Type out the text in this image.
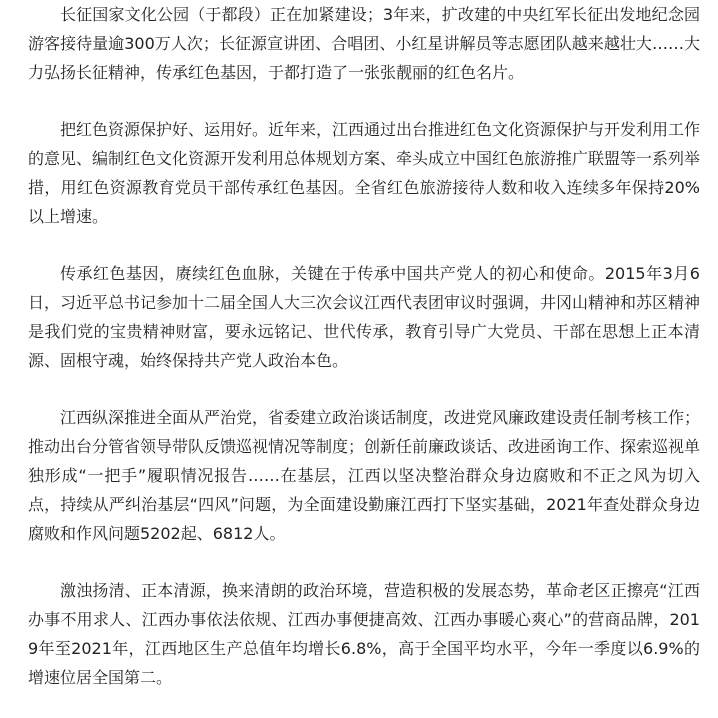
长征国家文化公园（于都段）正在加紧建设；3年来，扩改建的中央红军长征出发地纪念园游客接待量逾300万人次；长征源宣讲团、合唱团、小红星讲解员等志愿团队越来越壮大……大力弘扬长征精神，传承红色基因，于都打造了一张张靓丽的红色名片。

把红色资源保护好、运用好。近年来，江西通过出台推进红色文化资源保护与开发利用工作的意见、编制红色文化资源开发利用总体规划方案、牵头成立中国红色旅游推广联盟等一系列举措，用红色资源教育党员干部传承红色基因。全省红色旅游接待人数和收入连续多年保持20%以上增速。

传承红色基因，赓续红色血脉，关键在于传承中国共产党人的初心和使命。2015年3月6日，习近平总书记参加十二届全国人大三次会议江西代表团审议时强调，井冈山精神和苏区精神是我们党的宝贵精神财富，要永远铭记、世代传承，教育引导广大党员、干部在思想上正本清源、固根守魂，始终保持共产党人政治本色。

江西纵深推进全面从严治党，省委建立政治谈话制度，改进党风廉政建设责任制考核工作；推动出台分管省领导带队反馈巡视情况等制度；创新任前廉政谈话、改进函询工作、探索巡视单独形成“一把手”履职情况报告……在基层，江西以坚决整治群众身边腐败和不正之风为切入点，持续从严纠治基层“四风”问题，为全面建设勤廉江西打下坚实基础，2021年查处群众身边腐败和作风问题5202起、6812人。

激浊扬清、正本清源，换来清朗的政治环境，营造积极的发展态势，革命老区正擦亮“江西办事不用求人、江西办事依法依规、江西办事便捷高效、江西办事暖心爽心”的营商品牌，2019年至2021年，江西地区生产总值年均增长6.8%，高于全国平均水平，今年一季度以6.9%的增速位居全国第二。
